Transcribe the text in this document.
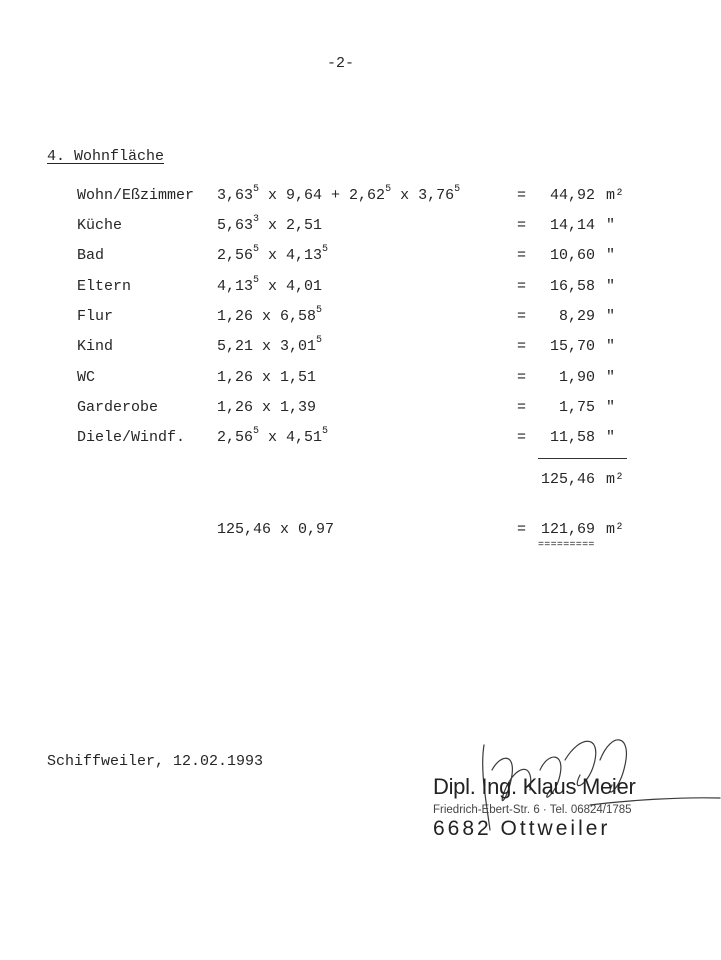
-2-
4. Wohnfläche
Wohn/Eßzimmer 3,63$^5$ x $9,64 + 2,62^5$ x $3,76^5$	= 44,92 m²
Küche	5,63$^3$ x 2,51	= 14,14 "
Bad	2,56$^5$ x $4,13^5$	= 10,60 "
Eltern	4,13$^5$ x 4,01	= 16,58 "
Flur	1,26 x $6,58^5$	= 8,29 "
Kind	5,21 x $3,01^5$	= 15,70 "
WC	1,26 x 1,51	= 1,90 "
Garderobe	1,26 x 1,39	= 1,75 "
Diele/Windf. 2,56$^5$ x $4,51^5$	= 11,58 "
125,46 m²
125,46 x 0,97	= 121,69 m²
=========
Schiffweiler, 12.02.1993
Dipl. Ing. Klaus Meier
Friedrich-Ebert-Str. 6 · Tel. 06824/1785
6682 Ottweiler
